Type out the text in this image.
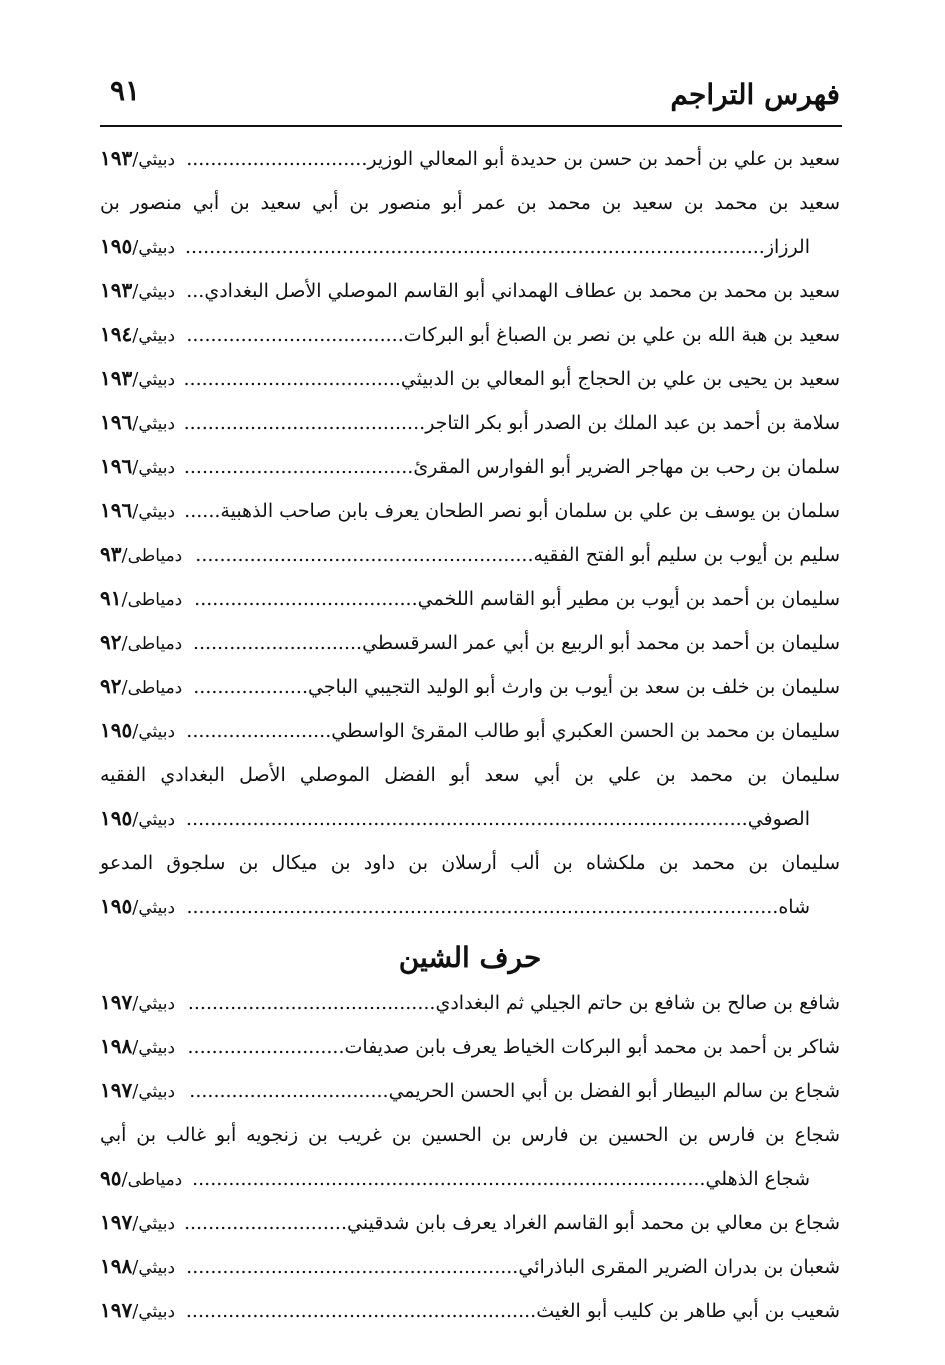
فهرس التراجم
٩١
سعيد بن علي بن أحمد بن حسن بن حديدة أبو المعالي الوزير..............................
دبيثي/١٩٣
سعيد بن محمد بن سعيد بن محمد بن عمر أبو منصور بن أبي سعيد بن أبي منصور بن
الرزاز................................................................................................
دبيثي/١٩٥
سعيد بن محمد بن محمد بن عطاف الهمداني أبو القاسم الموصلي الأصل البغدادي...
دبيثي/١٩٣
سعيد بن هبة الله بن علي بن نصر بن الصباغ أبو البركات....................................
دبيثي/١٩٤
سعيد بن يحيى بن علي بن الحجاج أبو المعالي بن الدبيثي....................................
دبيثي/١٩٣
سلامة بن أحمد بن عبد الملك بن الصدر أبو بكر التاجر........................................
دبيثي/١٩٦
سلمان بن رحب بن مهاجر الضرير أبو الفوارس المقرئ......................................
دبيثي/١٩٦
سلمان بن يوسف بن علي بن سلمان أبو نصر الطحان يعرف بابن صاحب الذهبية......
دبيثي/١٩٦
سليم بن أيوب بن سليم أبو الفتح الفقيه........................................................
دمياطى/٩٣
سليمان بن أحمد بن أيوب بن مطير أبو القاسم اللخمي.....................................
دمياطى/٩١
سليمان بن أحمد بن محمد أبو الربيع بن أبي عمر السرقسطي............................
دمياطى/٩٢
سليمان بن خلف بن سعد بن أيوب بن وارث أبو الوليد التجيبي الباجي...................
دمياطى/٩٢
سليمان بن محمد بن الحسن العكبري أبو طالب المقرئ الواسطي........................
دبيثي/١٩٥
سليمان بن محمد بن علي بن أبي سعد أبو الفضل الموصلي الأصل البغدادي الفقيه
الصوفي.............................................................................................
دبيثي/١٩٥
سليمان بن محمد بن ملكشاه بن ألب أرسلان بن داود بن ميكال بن سلجوق المدعو
شاه..................................................................................................
دبيثي/١٩٥
حرف الشين
شافع بن صالح بن شافع بن حاتم الجيلي ثم البغدادي.........................................
دبيثي/١٩٧
شاكر بن أحمد بن محمد أبو البركات الخياط يعرف بابن صديفات..........................
دبيثي/١٩٨
شجاع بن سالم البيطار أبو الفضل بن أبي الحسن الحريمي.................................
دبيثي/١٩٧
شجاع بن فارس بن الحسين بن فارس بن الحسين بن غريب بن زنجويه أبو غالب بن أبي
شجاع الذهلي.....................................................................................
دمياطى/٩٥
شجاع بن معالي بن محمد أبو القاسم الغراد يعرف بابن شدقيني...........................
دبيثي/١٩٧
شعبان بن بدران الضرير المقرى الباذرائي.......................................................
دبيثي/١٩٨
شعيب بن أبي طاهر بن كليب أبو الغيث..........................................................
دبيثي/١٩٧
